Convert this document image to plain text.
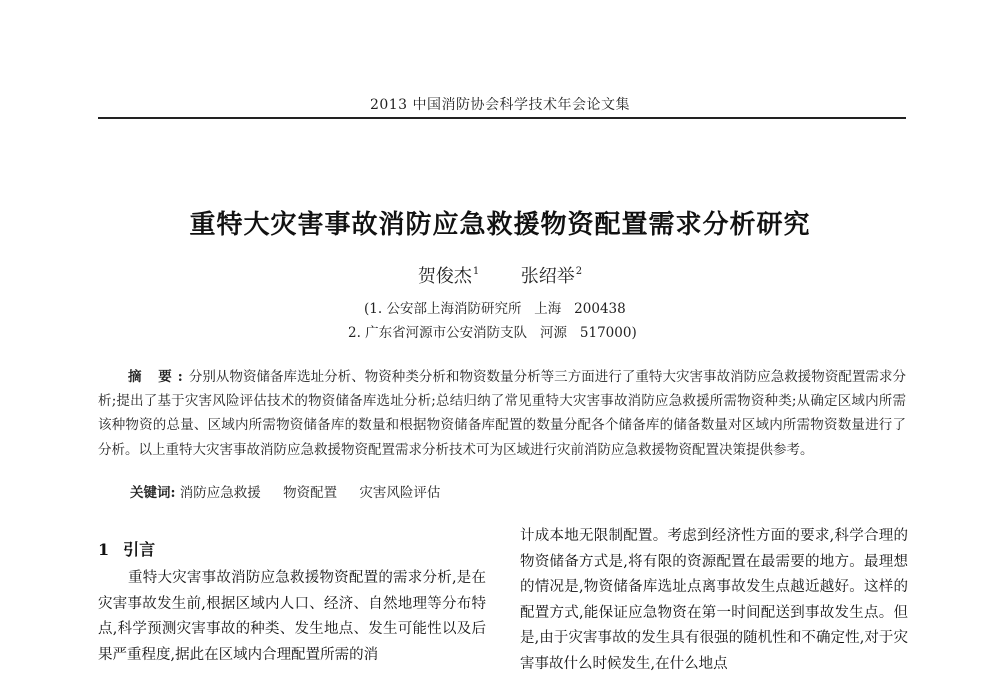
2013 中国消防协会科学技术年会论文集
重特大灾害事故消防应急救援物资配置需求分析研究
贺俊杰$^1$ 张绍举$^2$
(1. 公安部上海消防研究所   上海   200438
2. 广东省河源市公安消防支队   河源   517000)
摘 要:分别从物资储备库选址分析、物资种类分析和物资数量分析等三方面进行了重特大灾害事故消防应急救援物资配置需求分析;提出了基于灾害风险评估技术的物资储备库选址分析;总结归纳了常见重特大灾害事故消防应急救援所需物资种类;从确定区域内所需该种物资的总量、区域内所需物资储备库的数量和根据物资储备库配置的数量分配各个储备库的储备数量对区域内所需物资数量进行了分析。以上重特大灾害事故消防应急救援物资配置需求分析技术可为区域进行灾前消防应急救援物资配置决策提供参考。
关键词: 消防应急救援 物资配置 灾害风险评估
1 引言
重特大灾害事故消防应急救援物资配置的需求分析,是在灾害事故发生前,根据区域内人口、经济、自然地理等分布特点,科学预测灾害事故的种类、发生地点、发生可能性以及后果严重程度,据此在区域内合理配置所需的消
计成本地无限制配置。考虑到经济性方面的要求,科学合理的物资储备方式是,将有限的资源配置在最需要的地方。最理想的情况是,物资储备库选址点离事故发生点越近越好。这样的配置方式,能保证应急物资在第一时间配送到事故发生点。但是,由于灾害事故的发生具有很强的随机性和不确定性,对于灾害事故什么时候发生,在什么地点
